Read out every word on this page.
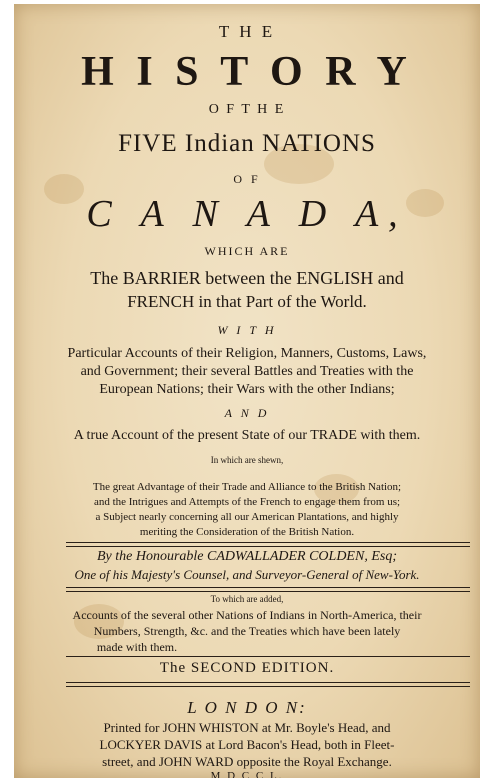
T H E
H I S T O R Y
O F T H E
FIVE Indian NATIONS
O F
C A N A D A,
WHICH ARE
The BARRIER between the ENGLISH and
FRENCH in that Part of the World.
W I T H
Particular Accounts of their Religion, Manners, Customs, Laws,
and Government; their several Battles and Treaties with the
European Nations; their Wars with the other Indians;
A N D
A true Account of the present State of our TRADE with them.
In which are shewn,
The great Advantage of their Trade and Alliance to the British Nation;
and the Intrigues and Attempts of the French to engage them from us;
a Subject nearly concerning all our American Plantations, and highly
meriting the Consideration of the British Nation.
By the Honourable CADWALLADER COLDEN, Esq;
One of his Majesty's Counsel, and Surveyor-General of New-York.
To which are added,
Accounts of the several other Nations of Indians in North-America, their
Numbers, Strength, &c. and the Treaties which have been lately
made with them.
The SECOND EDITION.
L O N D O N:
Printed for JOHN WHISTON at Mr. Boyle's Head, and
LOCKYER DAVIS at Lord Bacon's Head, both in Fleet-
street, and JOHN WARD opposite the Royal Exchange.
M D C C L.
